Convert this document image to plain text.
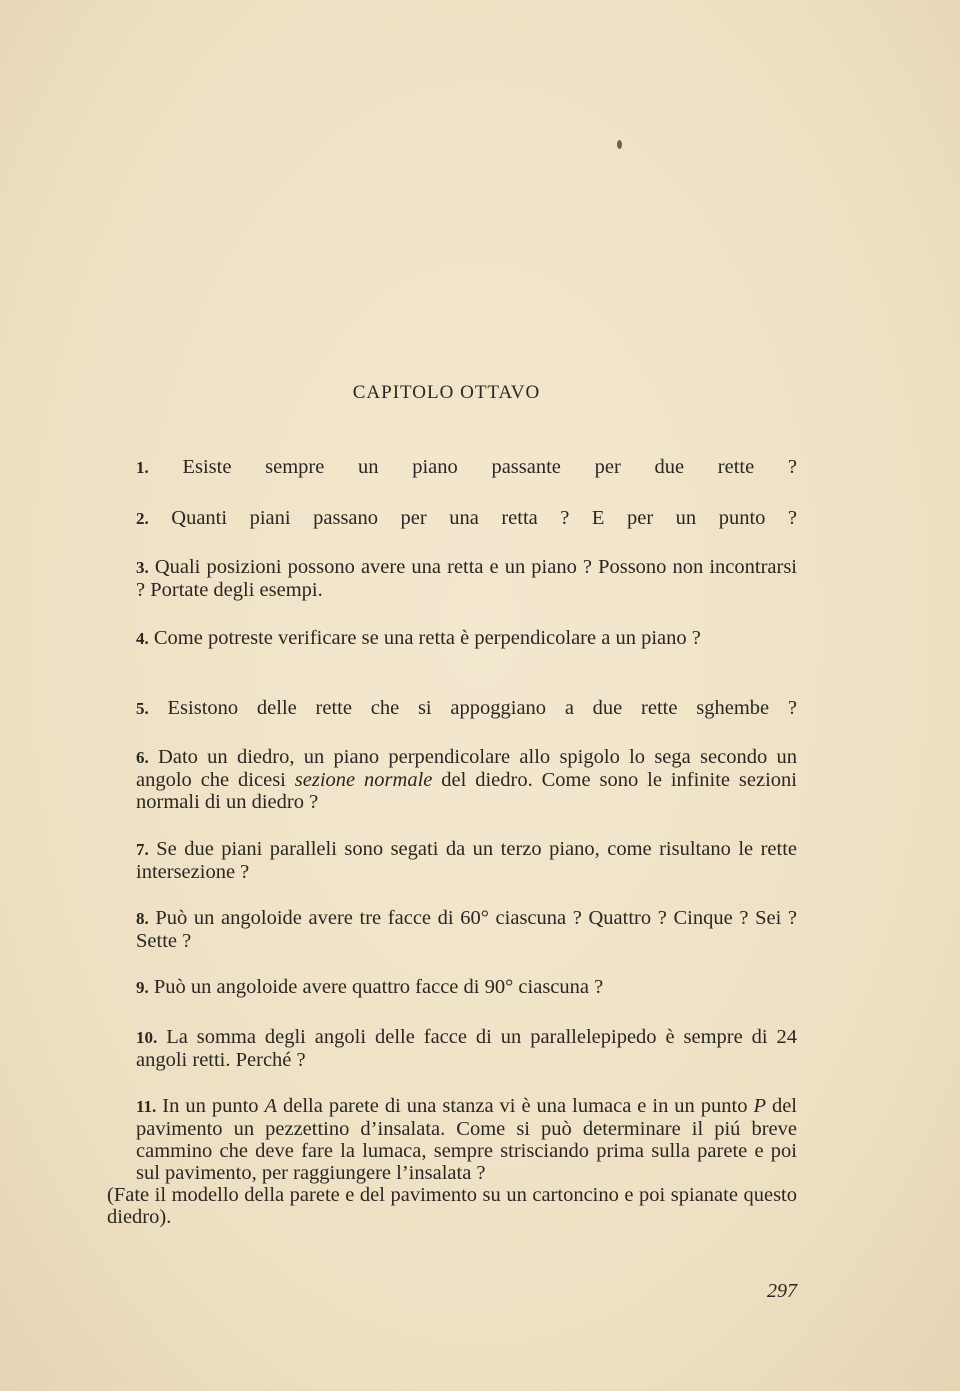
CAPITOLO OTTAVO

1. Esiste sempre un piano passante per due rette ?

2. Quanti piani passano per una retta ? E per un punto ?

3. Quali posizioni possono avere una retta e un piano ? Possono non incontrarsi ? Portate degli esempi.

4. Come potreste verificare se una retta è perpendicolare a un piano ?

5. Esistono delle rette che si appoggiano a due rette sghembe ?

6. Dato un diedro, un piano perpendicolare allo spigolo lo sega secondo un angolo che dicesi sezione normale del diedro. Come sono le infinite sezioni normali di un diedro ?

7. Se due piani paralleli sono segati da un terzo piano, come risultano le rette intersezione ?

8. Può un angoloide avere tre facce di 60° ciascuna ? Quattro ? Cinque ? Sei ? Sette ?

9. Può un angoloide avere quattro facce di 90° ciascuna ?

10. La somma degli angoli delle facce di un parallelepipedo è sempre di 24 angoli retti. Perché ?

11. In un punto A della parete di una stanza vi è una lumaca e in un punto P del pavimento un pezzettino d’insalata. Come si può determinare il piú breve cammino che deve fare la lumaca, sempre strisciando prima sulla parete e poi sul pavimento, per raggiungere l’insalata ?

(Fate il modello della parete e del pavimento su un cartoncino e poi spianate questo diedro).

297
